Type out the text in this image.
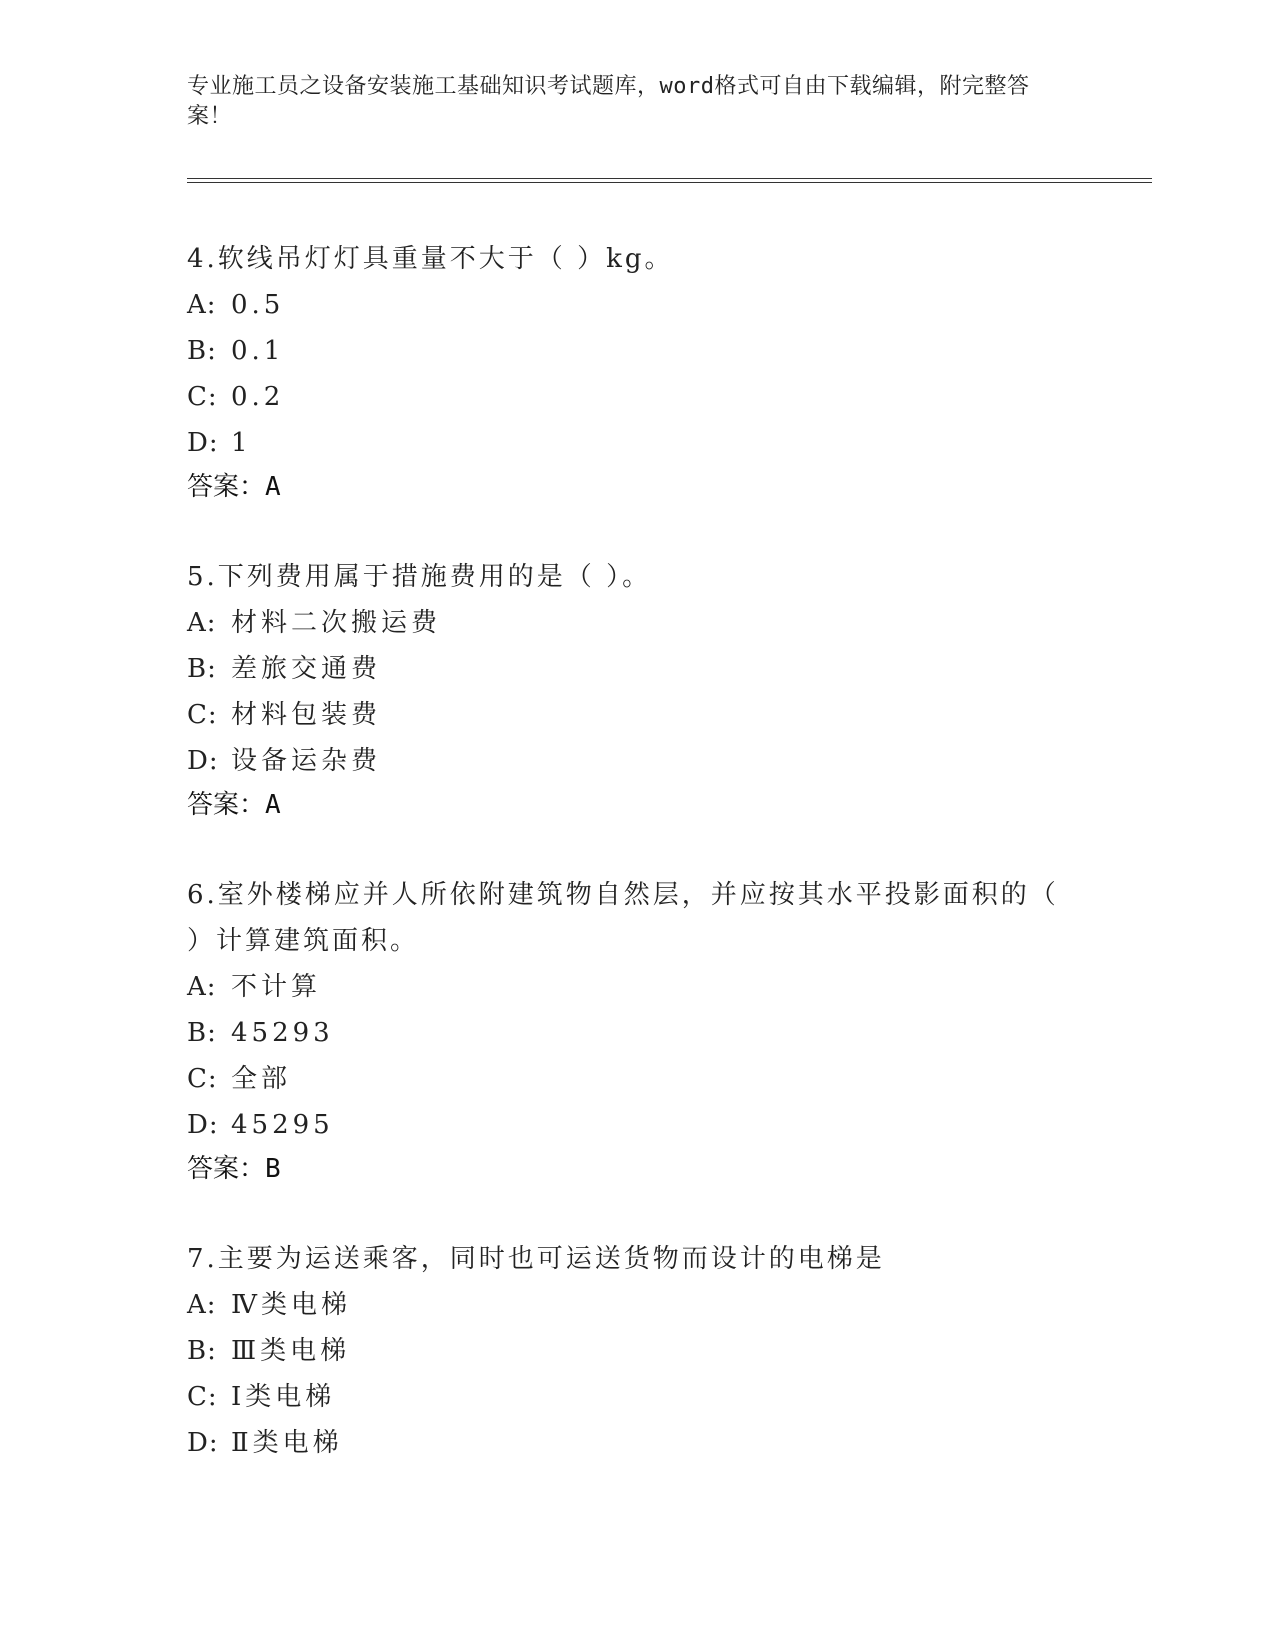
专业施工员之设备安装施工基础知识考试题库，word格式可自由下载编辑，附完整答案！
4.软线吊灯灯具重量不大于（ ）kg。
A: 0.5
B: 0.1
C: 0.2
D: 1
答案：A
5.下列费用属于措施费用的是（ ）。
A: 材料二次搬运费
B: 差旅交通费
C: 材料包装费
D: 设备运杂费
答案：A
6.室外楼梯应并人所依附建筑物自然层，并应按其水平投影面积的（ ）计算建筑面积。
A: 不计算
B: 45293
C: 全部
D: 45295
答案：B
7.主要为运送乘客，同时也可运送货物而设计的电梯是
A: Ⅳ类电梯
B: Ⅲ类电梯
C: Ⅰ类电梯
D: Ⅱ类电梯
